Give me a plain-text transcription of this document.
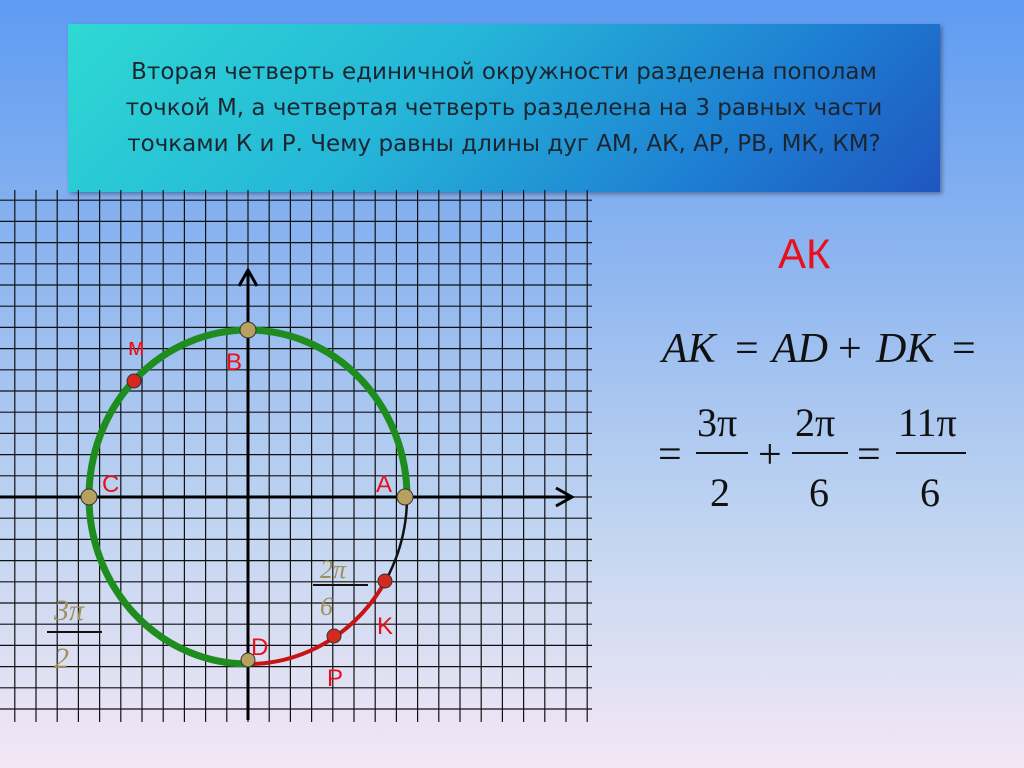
Вторая четверть единичной окружности разделена пополам
точкой М, а четвертая четверть разделена на 3 равных части
точками К и Р. Чему равны длины дуг АМ, АК, АР, РВ, МК, КМ?
м
B
C	A
K
D
P
2π
6
3π
2
AK = AD + DK =
=
3π
2
+
2π
6
=
11π
6
АК
